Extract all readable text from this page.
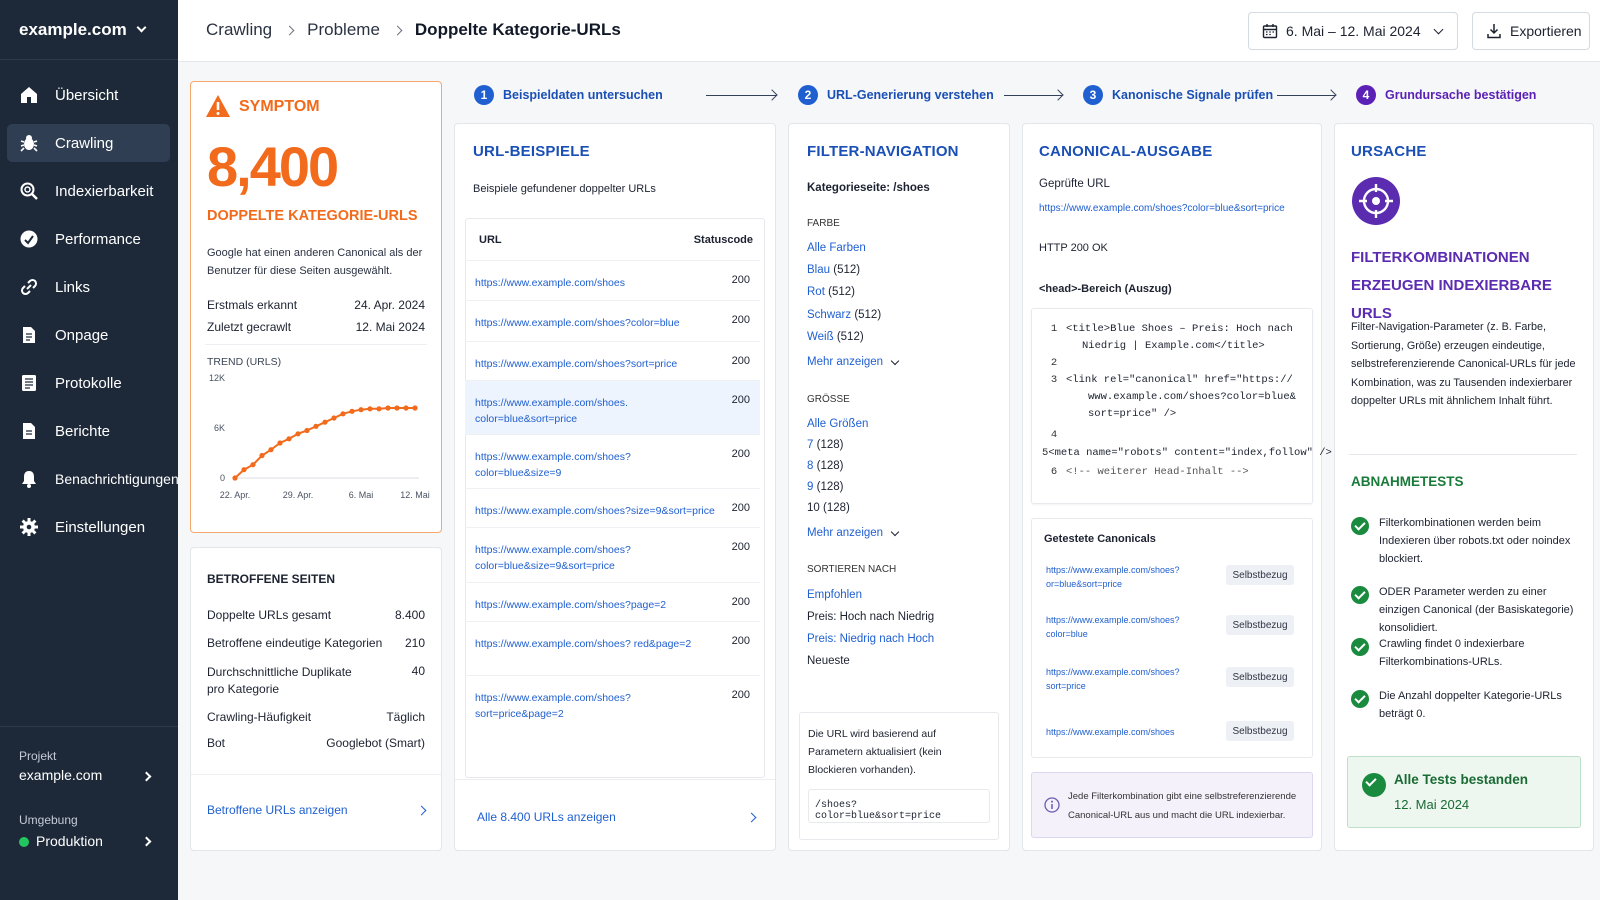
example.com
Übersicht
Crawling
Indexierbarkeit
Performance
Links
Onpage
Protokolle
Berichte
Benachrichtigungen
Einstellungen
Projekt
example.com
Umgebung
Produktion
Crawling Probleme Doppelte Kategorie-URLs	6. Mai – 12. Mai 2024	Exportieren
SYMPTOM
8,400
DOPPELTE KATEGORIE-URLS
Google hat einen anderen Canonical als der Benutzer für diese Seiten ausgewählt.
Erstmals erkannt	24. Apr. 2024
Zuletzt gecrawlt	12. Mai 2024
TREND (URLS)
0
6K
12K
22. Apr.	29. Apr.	6. Mai	12. Mai
BETROFFENE SEITEN
Doppelte URLs gesamt	8.400
Betroffene eindeutige Kategorien 210
Durchschnittliche Duplikate pro Kategorie
40
Crawling-Häufigkeit	Täglich
Bot	Googlebot (Smart)
Betroffene URLs anzeigen
1	Beispieldaten untersuchen	2	URL-Generierung verstehen	3	Kanonische Signale prüfen	4	Grundursache bestätigen
URL-BEISPIELE
Beispiele gefundener doppelter URLs
URL	Statuscode
https://www.example.com/shoes	200
https://www.example.com/shoes?color=blue	200
https://www.example.com/shoes?sort=price	200
https://www.example.com/shoes. color=blue&sort=price
200
https://www.example.com/shoes? color=blue&size=9
200
https://www.example.com/shoes?size=9&sort=price 200
https://www.example.com/shoes? color=blue&size=9&sort=price
200
https://www.example.com/shoes?page=2	200
https://www.example.com/shoes? red&page=2	200
https://www.example.com/shoes?sort=price&page=2
200
Alle 8.400 URLs anzeigen
FILTER-NAVIGATION
Kategorieseite: /shoes
FARBE
Alle Farben
Blau (512)
Rot (512)
Schwarz (512)
Weiß (512)
Mehr anzeigen
GRÖSSE
Alle Größen
7 (128)
8 (128)
9 (128)
10 (128)
Mehr anzeigen
SORTIEREN NACH
Empfohlen
Preis: Hoch nach Niedrig
Preis: Niedrig nach Hoch
Neueste
Die URL wird basierend auf Parametern aktualisiert (kein Blockieren vorhanden).
/shoes?color=blue&sort=price
CANONICAL-AUSGABE
Geprüfte URL
https://www.example.com/shoes?color=blue&sort=price
HTTP 200 OK
<head>-Bereich (Auszug)
1 <title>Blue Shoes – Preis: Hoch nach
Niedrig | Example.com</title>
2
3 <link rel="canonical" href="https://
www.example.com/shoes?color=blue&
sort=price" />
4
5 <meta name="robots" content="index,follow" />
6 <!-- weiterer Head-Inhalt -->
Getestete Canonicals
https://www.example.com/shoes? or=blue&sort=price
Selbstbezug
https://www.example.com/shoes? color=blue
Selbstbezug
https://www.example.com/shoes? sort=price
Selbstbezug
https://www.example.com/shoes	Selbstbezug
Jede Filterkombination gibt eine selbstreferenzierende Canonical-URL aus und macht die URL indexierbar.
URSACHE
FILTERKOMBINATIONEN ERZEUGEN INDEXIERBARE URLS
Filter-Navigation-Parameter (z. B. Farbe, Sortierung, Größe) erzeugen eindeutige, selbstreferenzierende Canonical-URLs für jede Kombination, was zu Tausenden indexierbarer doppelter URLs mit ähnlichem Inhalt führt.
ABNAHMETESTS
Filterkombinationen werden beim Indexieren über robots.txt oder noindex blockiert.
ODER Parameter werden zu einer einzigen Canonical (der Basiskategorie) konsolidiert.
Crawling findet 0 indexierbare Filterkombinations-URLs.
Die Anzahl doppelter Kategorie-URLs beträgt 0.
Alle Tests bestanden
12. Mai 2024
